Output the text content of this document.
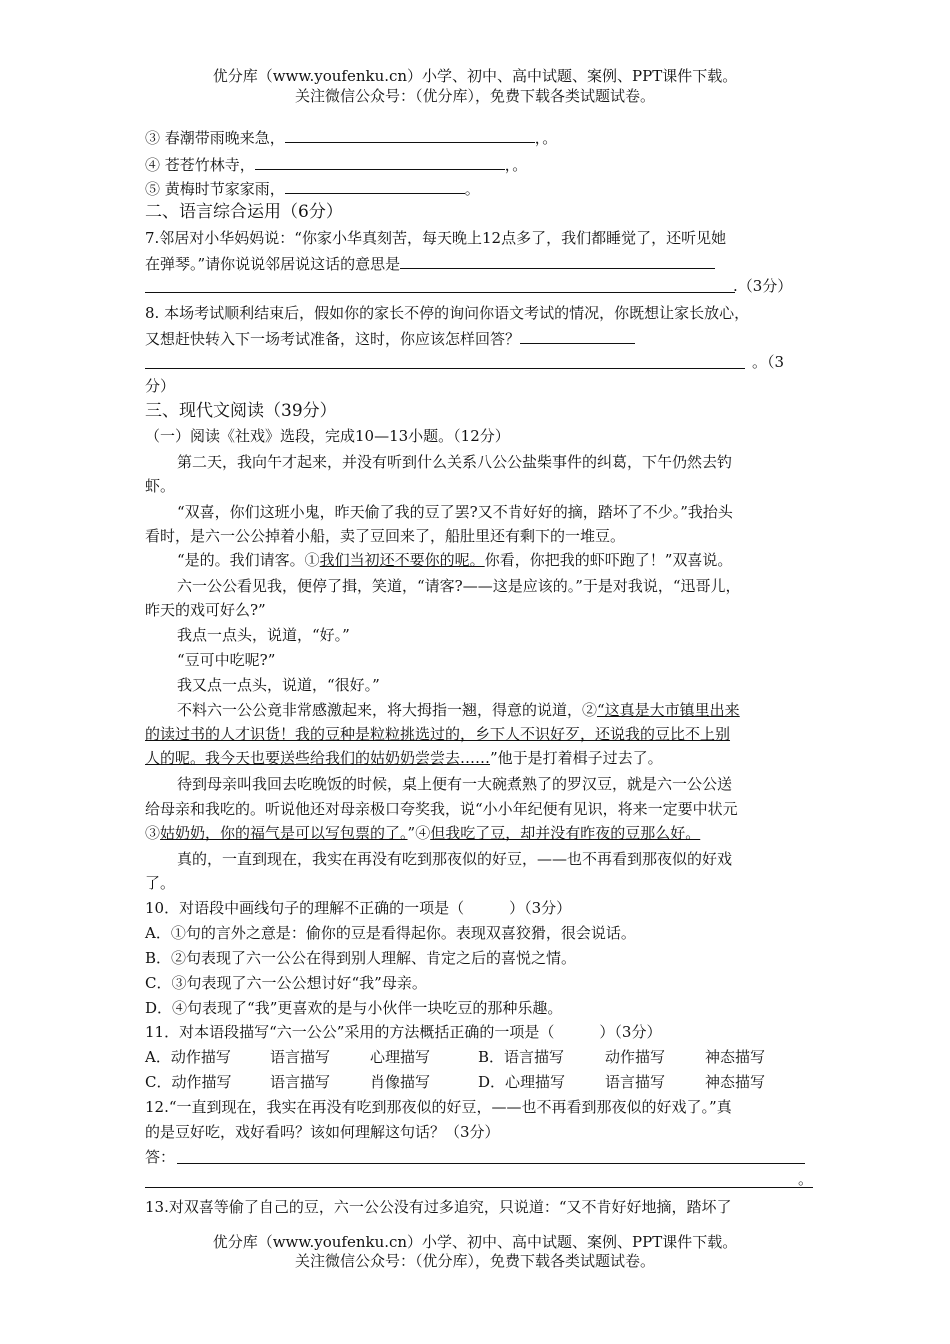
优分库（www.youfenku.cn）小学、初中、高中试题、案例、PPT课件下载。
关注微信公众号：（优分库），免费下载各类试题试卷。
③ 春潮带雨晚来急，	，。
④ 苍苍竹林寺，	，。
⑤ 黄梅时节家家雨，	。
二、语言综合运用（6分）
7.邻居对小华妈妈说：“你家小华真刻苦，每天晚上12点多了，我们都睡觉了，还听见她
在弹琴。”请你说说邻居说这话的意思是
.（3分）
8. 本场考试顺利结束后，假如你的家长不停的询问你语文考试的情况，你既想让家长放心，
又想赶快转入下一场考试准备，这时，你应该怎样回答？
。（3
分）
三、现代文阅读（39分）
（一）阅读《社戏》选段，完成10—13小题。（12分）
第二天，我向午才起来，并没有听到什么关系八公公盐柴事件的纠葛，下午仍然去钓
虾。
“双喜，你们这班小鬼，昨天偷了我的豆了罢?又不肯好好的摘，踏坏了不少。”我抬头
看时，是六一公公掉着小船，卖了豆回来了，船肚里还有剩下的一堆豆。
“是的。我们请客。①我们当初还不要你的呢。你看，你把我的虾吓跑了！”双喜说。
六一公公看见我，便停了揖，笑道，“请客?——这是应该的。”于是对我说，“迅哥儿，
昨天的戏可好么?”
我点一点头，说道，“好。”
“豆可中吃呢?”
我又点一点头，说道，“很好。”
不料六一公公竟非常感激起来，将大拇指一翘，得意的说道，②“这真是大市镇里出来
的读过书的人才识货！我的豆种是粒粒挑选过的，乡下人不识好歹，还说我的豆比不上别
人的呢。我今天也要送些给我们的姑奶奶尝尝去……”他于是打着楫子过去了。
待到母亲叫我回去吃晚饭的时候，桌上便有一大碗煮熟了的罗汉豆，就是六一公公送
给母亲和我吃的。听说他还对母亲极口夸奖我，说“小小年纪便有见识，将来一定要中状元
③姑奶奶，你的福气是可以写包票的了。”④但我吃了豆，却并没有昨夜的豆那么好。
真的，一直到现在，我实在再没有吃到那夜似的好豆，——也不再看到那夜似的好戏
了。
10．对语段中画线句子的理解不正确的一项是（　　　）（3分）
A．①句的言外之意是：偷你的豆是看得起你。表现双喜狡猾，很会说话。
B．②句表现了六一公公在得到别人理解、肯定之后的喜悦之情。
C．③句表现了六一公公想讨好“我”母亲。
D．④句表现了“我”更喜欢的是与小伙伴一块吃豆的那种乐趣。
11．对本语段描写“六一公公”采用的方法概括正确的一项是（　　　）（3分）
A．动作描写	语言描写	心理描写	B．语言描写	动作描写	神态描写
C．动作描写	语言描写	肖像描写	D．心理描写	语言描写	神态描写
12.“一直到现在，我实在再没有吃到那夜似的好豆，——也不再看到那夜似的好戏了。”真
的是豆好吃，戏好看吗？该如何理解这句话？（3分）
答：
。
13.对双喜等偷了自己的豆，六一公公没有过多追究，只说道：“又不肯好好地摘，踏坏了
优分库（www.youfenku.cn）小学、初中、高中试题、案例、PPT课件下载。
关注微信公众号：（优分库），免费下载各类试题试卷。
